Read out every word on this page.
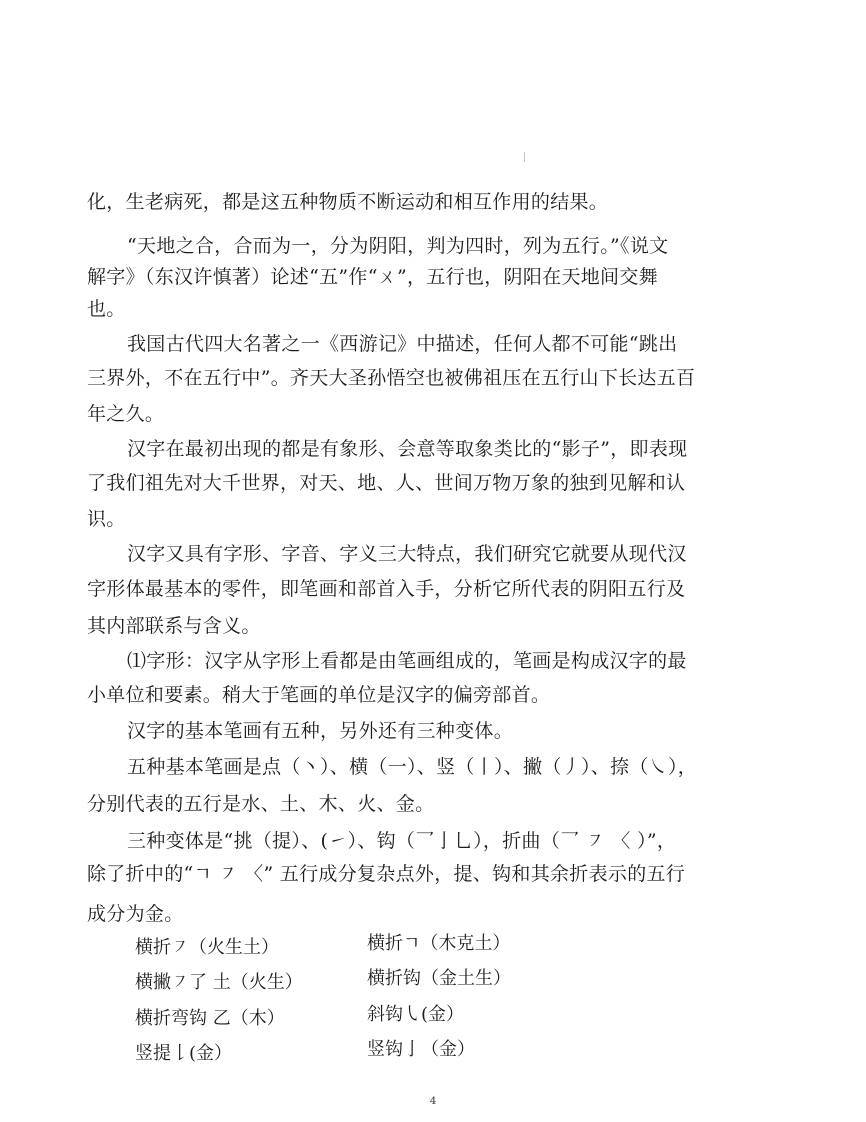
化，生老病死，都是这五种物质不断运动和相互作用的结果。
“天地之合，合而为一，分为阴阳，判为四时，列为五行。”《说文
解字》（东汉许慎著）论述“五”作“ㄨ”，五行也，阴阳在天地间交舞
也。
我国古代四大名著之一《西游记》中描述，任何人都不可能“跳出
三界外，不在五行中”。齐天大圣孙悟空也被佛祖压在五行山下长达五百
年之久。
汉字在最初出现的都是有象形、会意等取象类比的“影子”，即表现
了我们祖先对大千世界，对天、地、人、世间万物万象的独到见解和认
识。
汉字又具有字形、字音、字义三大特点，我们研究它就要从现代汉
字形体最基本的零件，即笔画和部首入手，分析它所代表的阴阳五行及
其内部联系与含义。
⑴字形：汉字从字形上看都是由笔画组成的，笔画是构成汉字的最
小单位和要素。稍大于笔画的单位是汉字的偏旁部首。
汉字的基本笔画有五种，另外还有三种变体。
五种基本笔画是点（丶）、横（一）、竖（丨）、撇（丿）、捺（㇏），
分别代表的五行是水、土、木、火、金。
三种变体是“挑（提）、(㇀）、钩（乛亅乚），折曲（乛 ㇇ 〈 ）”，
除了折中的“ㄱ ㇇ 〈” 五行成分复杂点外，提、钩和其余折表示的五行
成分为金。
横折㇇（火生土）	横折ㄱ（木克土）
横撇㇇了 土（火生）	横折钩（金土生）
横折弯钩 乙（木）	斜钩㇂(金）
竖提𠄌(金）	竖钩亅（金）
4
